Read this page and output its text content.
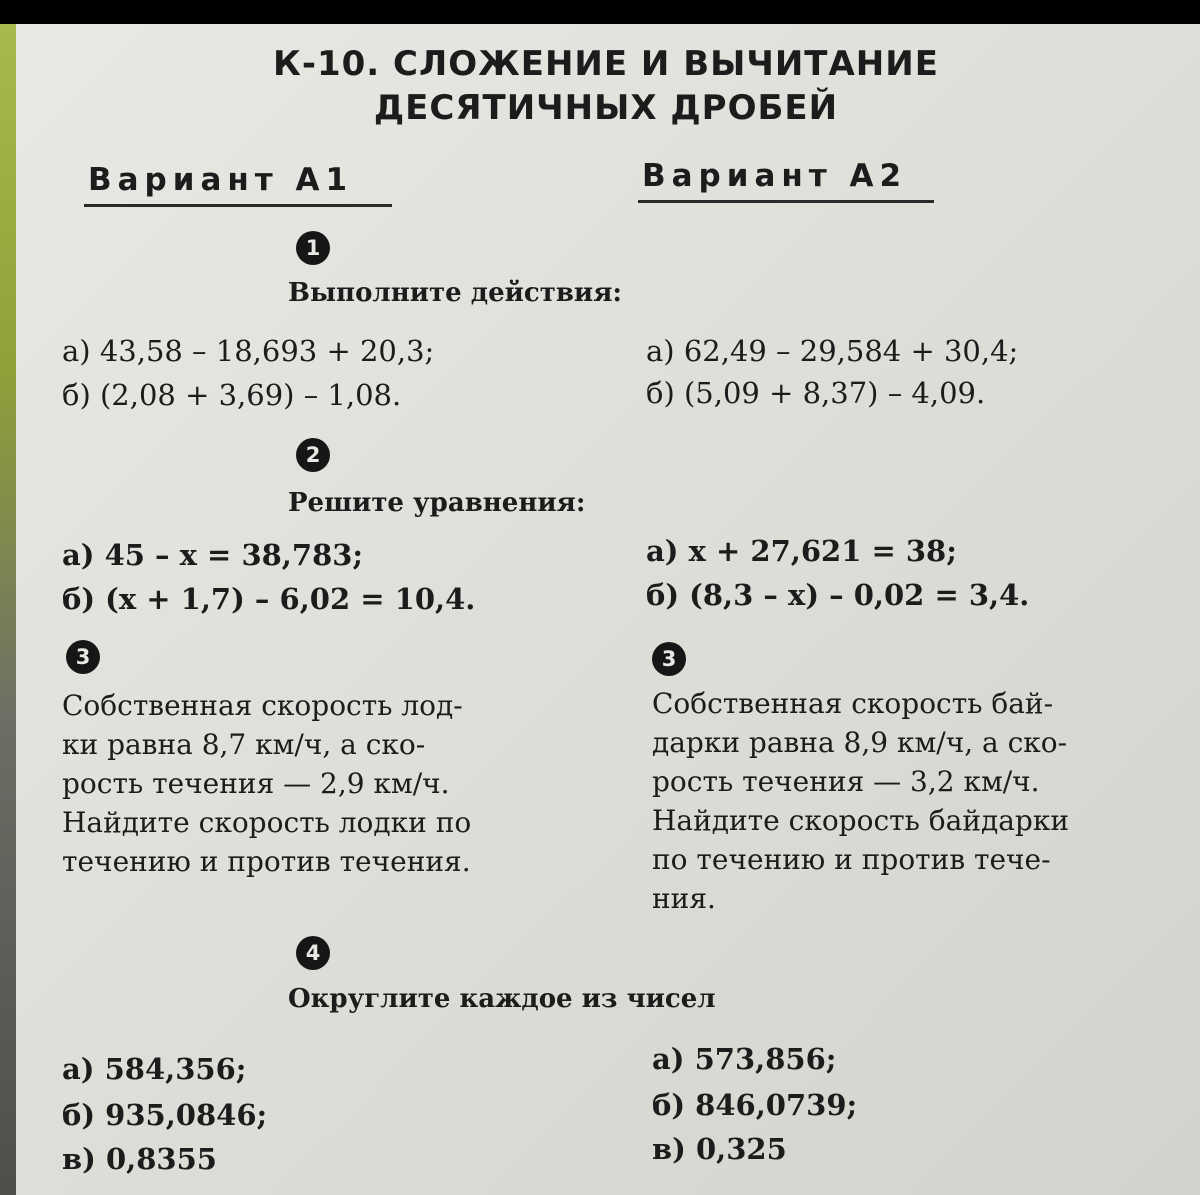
К-10. СЛОЖЕНИЕ И ВЫЧИТАНИЕ
ДЕСЯТИЧНЫХ ДРОБЕЙ
Вариант А1	Вариант А2
1
Выполните действия:
а) 43,58 – 18,693 + 20,3;
б) (2,08 + 3,69) – 1,08.
а) 62,49 – 29,584 + 30,4;
б) (5,09 + 8,37) – 4,09.
2
Решите уравнения:
а) 45 – x = 38,783;
б) (x + 1,7) – 6,02 = 10,4.
а) x + 27,621 = 38;
б) (8,3 – x) – 0,02 = 3,4.
3	3
Собственная скорость лод-
ки равна 8,7 км/ч, а ско-
рость течения — 2,9 км/ч.
Найдите скорость лодки по
течению и против течения.
Собственная скорость бай-
дарки равна 8,9 км/ч, а ско-
рость течения — 3,2 км/ч.
Найдите скорость байдарки
по течению и против тече-
ния.
4
Округлите каждое из чисел
а) 584,356;
б) 935,0846;
в) 0,8355
а) 573,856;
б) 846,0739;
в) 0,325
